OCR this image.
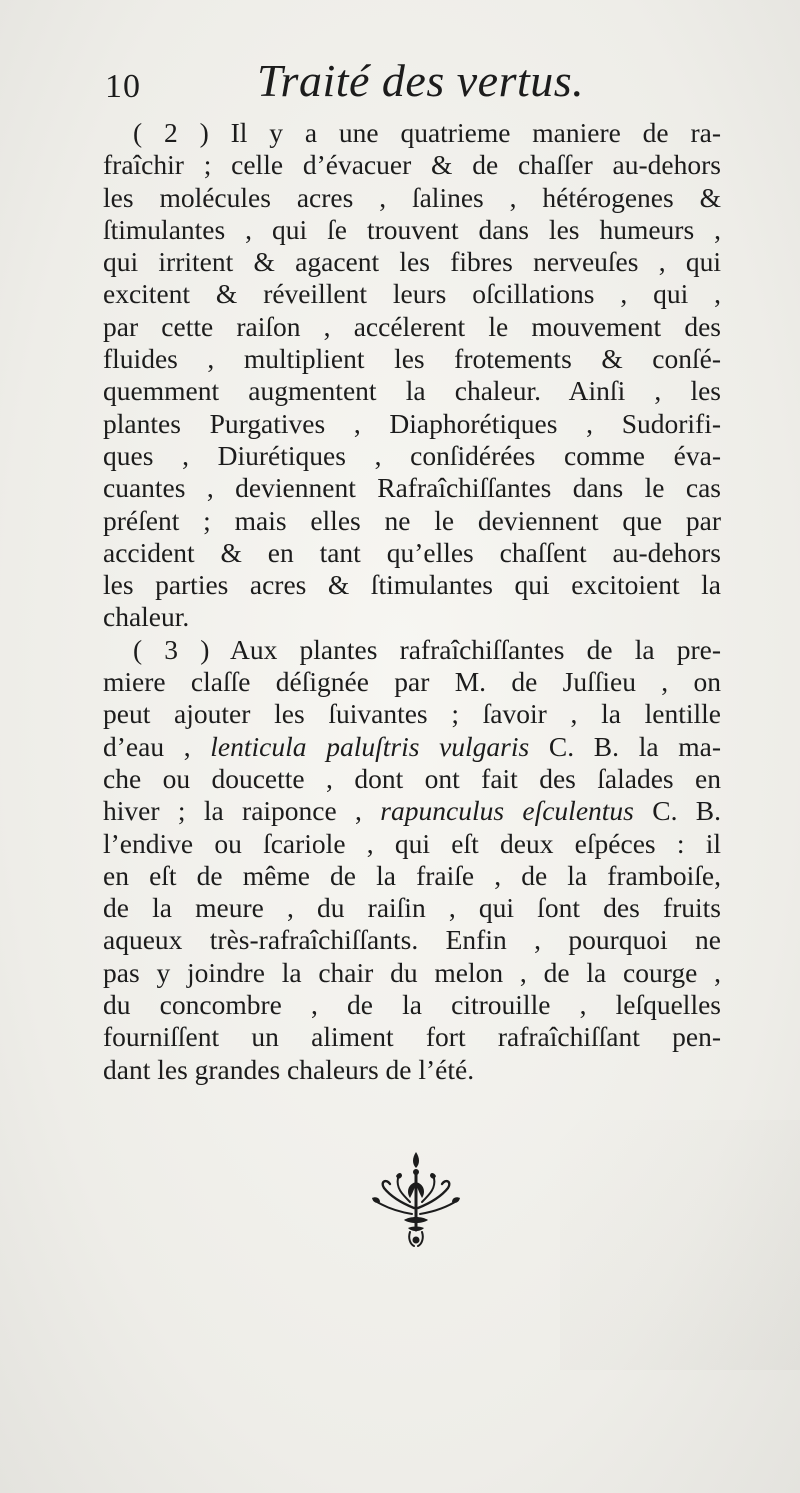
10	Traité des vertus.
( 2 ) Il y a une quatrieme maniere de ra-
fraîchir ; celle d’évacuer & de chaſſer au-dehors
les molécules acres , ſalines , hétérogenes &
ſtimulantes , qui ſe trouvent dans les humeurs ,
qui irritent & agacent les fibres nerveuſes , qui
excitent & réveillent leurs oſcillations , qui ,
par cette raiſon , accélerent le mouvement des
fluides , multiplient les frotements & conſé-
quemment augmentent la chaleur. Ainſi , les
plantes Purgatives , Diaphorétiques , Sudorifi-
ques , Diurétiques , conſidérées comme éva-
cuantes , deviennent Rafraîchiſſantes dans le cas
préſent ; mais elles ne le deviennent que par
accident & en tant qu’elles chaſſent au-dehors
les parties acres & ſtimulantes qui excitoient la
chaleur.
( 3 ) Aux plantes rafraîchiſſantes de la pre-
miere claſſe déſignée par M. de Juſſieu , on
peut ajouter les ſuivantes ; ſavoir , la lentille
d’eau , lenticula paluſtris vulgaris C. B. la ma-
che ou doucette , dont ont fait des ſalades en
hiver ; la raiponce , rapunculus eſculentus C. B.
l’endive ou ſcariole , qui eſt deux eſpéces : il
en eſt de même de la fraiſe , de la framboiſe,
de la meure , du raiſin , qui ſont des fruits
aqueux très-rafraîchiſſants. Enfin , pourquoi ne
pas y joindre la chair du melon , de la courge ,
du concombre , de la citrouille , leſquelles
fourniſſent un aliment fort rafraîchiſſant pen-
dant les grandes chaleurs de l’été.
